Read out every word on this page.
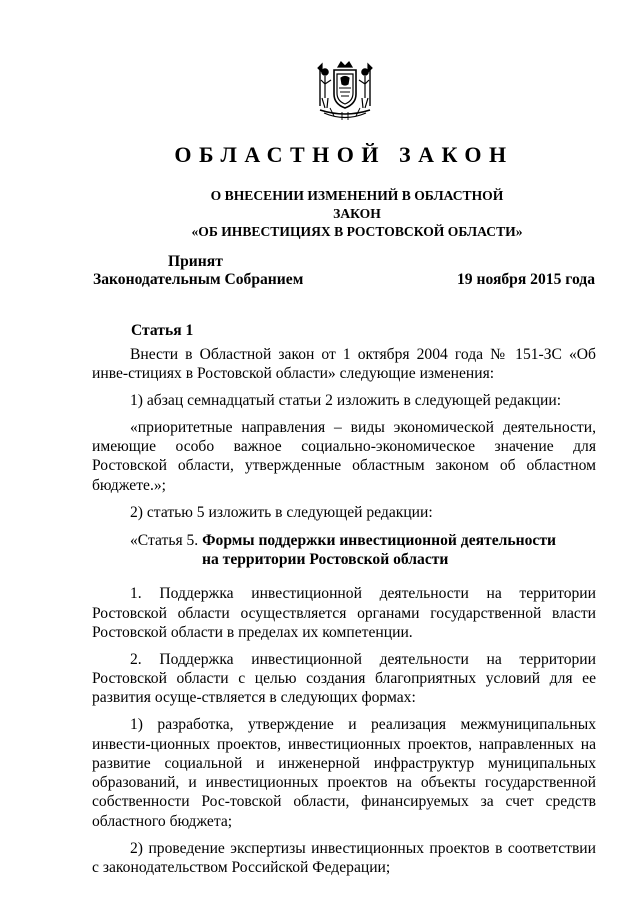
ОБЛАСТНОЙ ЗАКОН
О ВНЕСЕНИИ ИЗМЕНЕНИЙ В ОБЛАСТНОЙ ЗАКОН
«ОБ ИНВЕСТИЦИЯХ В РОСТОВСКОЙ ОБЛАСТИ»
Принят
Законодательным Собранием	19 ноября 2015 года
Статья 1

Внести в Областной закон от 1 октября 2004 года № 151-ЗС «Об инве-стициях в Ростовской области» следующие изменения:

1) абзац семнадцатый статьи 2 изложить в следующей редакции:

«приоритетные направления – виды экономической деятельности, имеющие особо важное социально-экономическое значение для Ростовской области, утвержденные областным законом об областном бюджете.»;

2) статью 5 изложить в следующей редакции:

«Статья 5. Формы поддержки инвестиционной деятельности
на территории Ростовской области

1. Поддержка инвестиционной деятельности на территории Ростовской области осуществляется органами государственной власти Ростовской области в пределах их компетенции.

2. Поддержка инвестиционной деятельности на территории Ростовской области с целью создания благоприятных условий для ее развития осуще-ствляется в следующих формах:

1) разработка, утверждение и реализация межмуниципальных инвести-ционных проектов, инвестиционных проектов, направленных на развитие социальной и инженерной инфраструктур муниципальных образований, и инвестиционных проектов на объекты государственной собственности Рос-товской области, финансируемых за счет средств областного бюджета;

2) проведение экспертизы инвестиционных проектов в соответствии с законодательством Российской Федерации;
